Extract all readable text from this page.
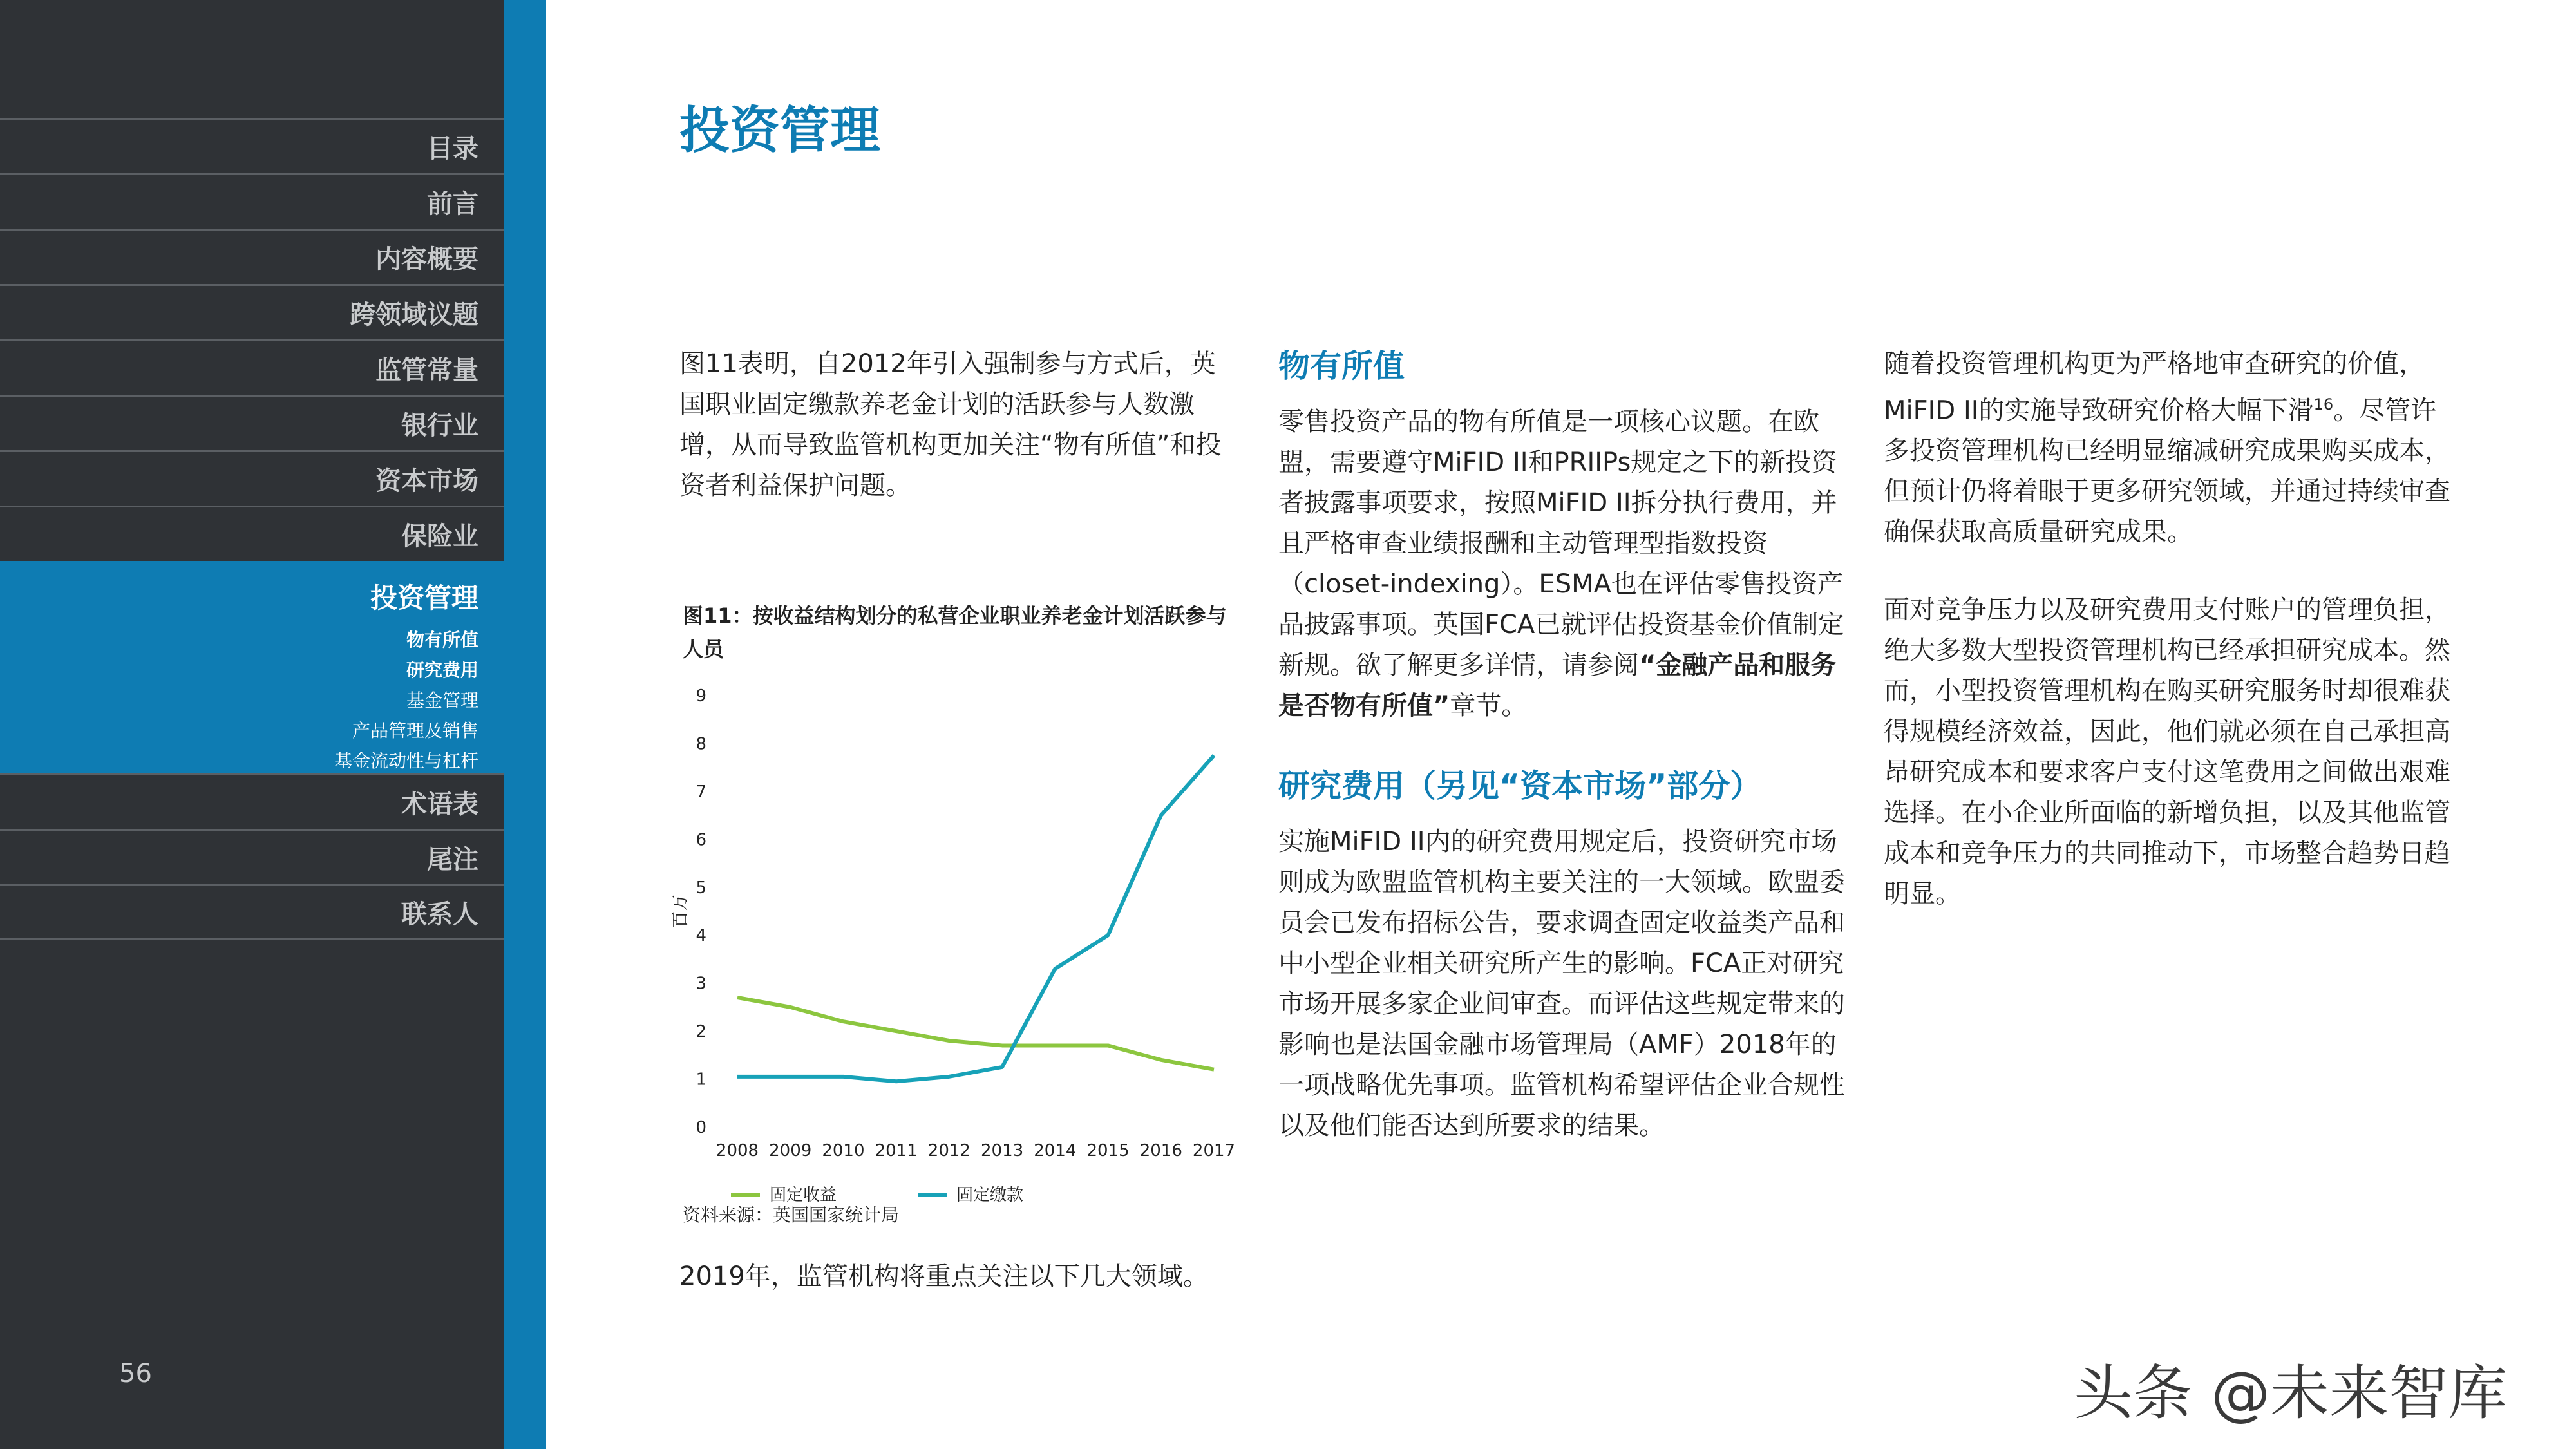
目录
前言
内容概要
跨领域议题
监管常量
银行业
资本市场
保险业
投资管理
物有所值
研究费用
基金管理
产品管理及销售
基金流动性与杠杆
术语表
尾注
联系人
56
投资管理

图11表明，自2012年引入强制参与方式后，英国职业固定缴款养老金计划的活跃参与人数激增，从而导致监管机构更加关注“物有所值”和投资者利益保护问题。

图11：按收益结构划分的私营企业职业养老金计划活跃参与人员
0
1
2
3
4
5
6
7
8
9
2008 2009 2010 2011 2012 2013 2014 2015 2016 2017
百万
固定收益	固定缴款
资料来源：英国国家统计局
2019年，监管机构将重点关注以下几大领域。
物有所值

零售投资产品的物有所值是一项核心议题。在欧盟，需要遵守MiFID II和PRIIPs规定之下的新投资者披露事项要求，按照MiFID II拆分执行费用，并且严格审查业绩报酬和主动管理型指数投资（closet-indexing）。ESMA也在评估零售投资产品披露事项。英国FCA已就评估投资基金价值制定新规。欲了解更多详情，请参阅“金融产品和服务是否物有所值”章节。

研究费用（另见“资本市场”部分）

实施MiFID II内的研究费用规定后，投资研究市场则成为欧盟监管机构主要关注的一大领域。欧盟委员会已发布招标公告，要求调查固定收益类产品和中小型企业相关研究所产生的影响。FCA正对研究市场开展多家企业间审查。而评估这些规定带来的影响也是法国金融市场管理局（AMF）2018年的一项战略优先事项。监管机构希望评估企业合规性以及他们能否达到所要求的结果。

随着投资管理机构更为严格地审查研究的价值，MiFID II的实施导致研究价格大幅下滑$^{16}$。尽管许多投资管理机构已经明显缩减研究成果购买成本，但预计仍将着眼于更多研究领域，并通过持续审查确保获取高质量研究成果。

面对竞争压力以及研究费用支付账户的管理负担，绝大多数大型投资管理机构已经承担研究成本。然而，小型投资管理机构在购买研究服务时却很难获得规模经济效益，因此，他们就必须在自己承担高昂研究成本和要求客户支付这笔费用之间做出艰难选择。在小企业所面临的新增负担，以及其他监管成本和竞争压力的共同推动下，市场整合趋势日趋明显。

头条 @未来智库
